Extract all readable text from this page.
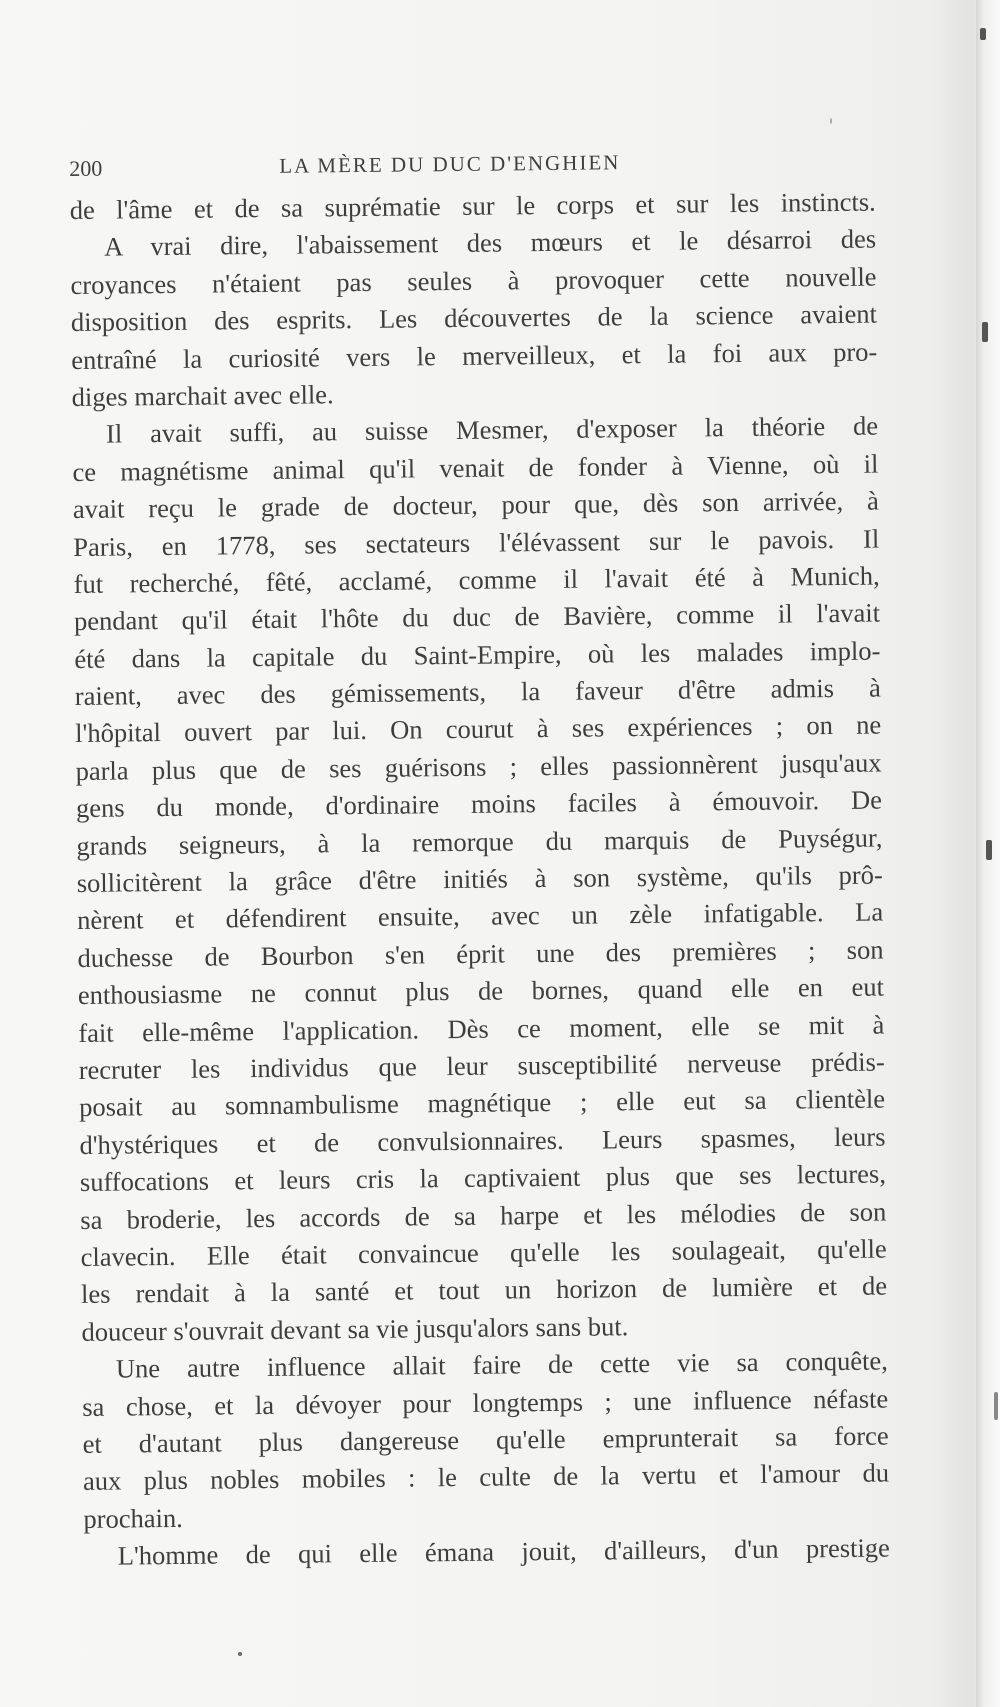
200	LA MÈRE DU DUC D'ENGHIEN
de l'âme et de sa suprématie sur le corps et sur les instincts.
A vrai dire, l'abaissement des mœurs et le désarroi des
croyances n'étaient pas seules à provoquer cette nouvelle
disposition des esprits. Les découvertes de la science avaient
entraîné la curiosité vers le merveilleux, et la foi aux pro-
diges marchait avec elle.
Il avait suffi, au suisse Mesmer, d'exposer la théorie de
ce magnétisme animal qu'il venait de fonder à Vienne, où il
avait reçu le grade de docteur, pour que, dès son arrivée, à
Paris, en 1778, ses sectateurs l'élévassent sur le pavois. Il
fut recherché, fêté, acclamé, comme il l'avait été à Munich,
pendant qu'il était l'hôte du duc de Bavière, comme il l'avait
été dans la capitale du Saint-Empire, où les malades implo-
raient, avec des gémissements, la faveur d'être admis à
l'hôpital ouvert par lui. On courut à ses expériences ; on ne
parla plus que de ses guérisons ; elles passionnèrent jusqu'aux
gens du monde, d'ordinaire moins faciles à émouvoir. De
grands seigneurs, à la remorque du marquis de Puységur,
sollicitèrent la grâce d'être initiés à son système, qu'ils prô-
nèrent et défendirent ensuite, avec un zèle infatigable. La
duchesse de Bourbon s'en éprit une des premières ; son
enthousiasme ne connut plus de bornes, quand elle en eut
fait elle-même l'application. Dès ce moment, elle se mit à
recruter les individus que leur susceptibilité nerveuse prédis-
posait au somnambulisme magnétique ; elle eut sa clientèle
d'hystériques et de convulsionnaires. Leurs spasmes, leurs
suffocations et leurs cris la captivaient plus que ses lectures,
sa broderie, les accords de sa harpe et les mélodies de son
clavecin. Elle était convaincue qu'elle les soulageait, qu'elle
les rendait à la santé et tout un horizon de lumière et de
douceur s'ouvrait devant sa vie jusqu'alors sans but.
Une autre influence allait faire de cette vie sa conquête,
sa chose, et la dévoyer pour longtemps ; une influence néfaste
et d'autant plus dangereuse qu'elle emprunterait sa force
aux plus nobles mobiles : le culte de la vertu et l'amour du
prochain.
L'homme de qui elle émana jouit, d'ailleurs, d'un prestige
